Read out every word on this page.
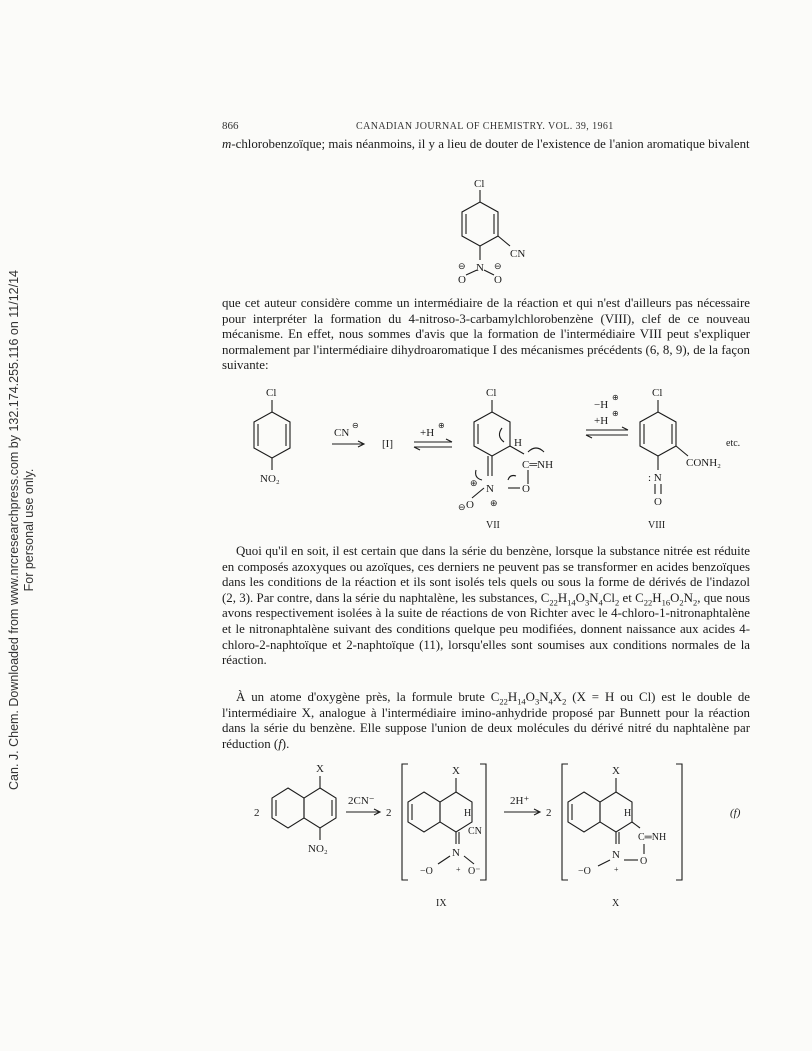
Can. J. Chem. Downloaded from www.nrcresearchpress.com by 132.174.255.116 on 11/12/14 For personal use only.
866	CANADIAN JOURNAL OF CHEMISTRY. VOL. 39, 1961

m-chlorobenzoïque; mais néanmoins, il y a lieu de douter de l'existence de l'anion aromatique bivalent

Cl
CN
N
⊖	⊖
O	O

que cet auteur considère comme un intermédiaire de la réaction et qui n'est d'ailleurs pas nécessaire pour interpréter la formation du 4-nitroso-3-carbamylchlorobenzène (VIII), clef de ce nouveau mécanisme. En effet, nous sommes d'avis que la formation de l'intermédiaire VIII peut s'expliquer normalement par l'intermédiaire dihydroaromatique I des mécanismes précédents (6, 8, 9), de la façon suivante:

Cl
NO₂
CN
⊖
[I]
+H
⊕
Cl
H
C═NH
N	O
⊕
⊖ O ⊕
VII
−H
⊕
+H
⊕
Cl
CONH₂
: N
O
VIII
etc.

Quoi qu'il en soit, il est certain que dans la série du benzène, lorsque la substance nitrée est réduite en composés azoxyques ou azoïques, ces derniers ne peuvent pas se transformer en acides benzoïques dans les conditions de la réaction et ils sont isolés tels quels ou sous la forme de dérivés de l'indazol (2, 3). Par contre, dans la série du naphtalène, les substances, $C_{22}H_{14}O_3N_4Cl_2$ et $C_{22}H_{16}O_2N_2$, que nous avons respectivement isolées à la suite de réactions de von Richter avec le 4-chloro-1-nitronaphtalène et le nitronaphtalène suivant des conditions quelque peu modifiées, donnent naissance aux acides 4-chloro-2-naphtoïque et 2-naphtoïque (11), lorsqu'elles sont soumises aux conditions normales de la réaction.

À un atome d'oxygène près, la formule brute $C_{22}H_{14}O_3N_4X_2$ (X = H ou Cl) est le double de l'intermédiaire X, analogue à l'intermédiaire imino-anhydride proposé par Bunnett pour la réaction dans la série du benzène. Elle suppose l'union de deux molécules du dérivé nitré du naphtalène par réduction (f).

2
X
NO₂
2CN⁻
2
X
H
CN
N
+
−O	O⁻
IX
2H⁺
2
X
H
C═NH
N
O
+
−O
X
(f)
